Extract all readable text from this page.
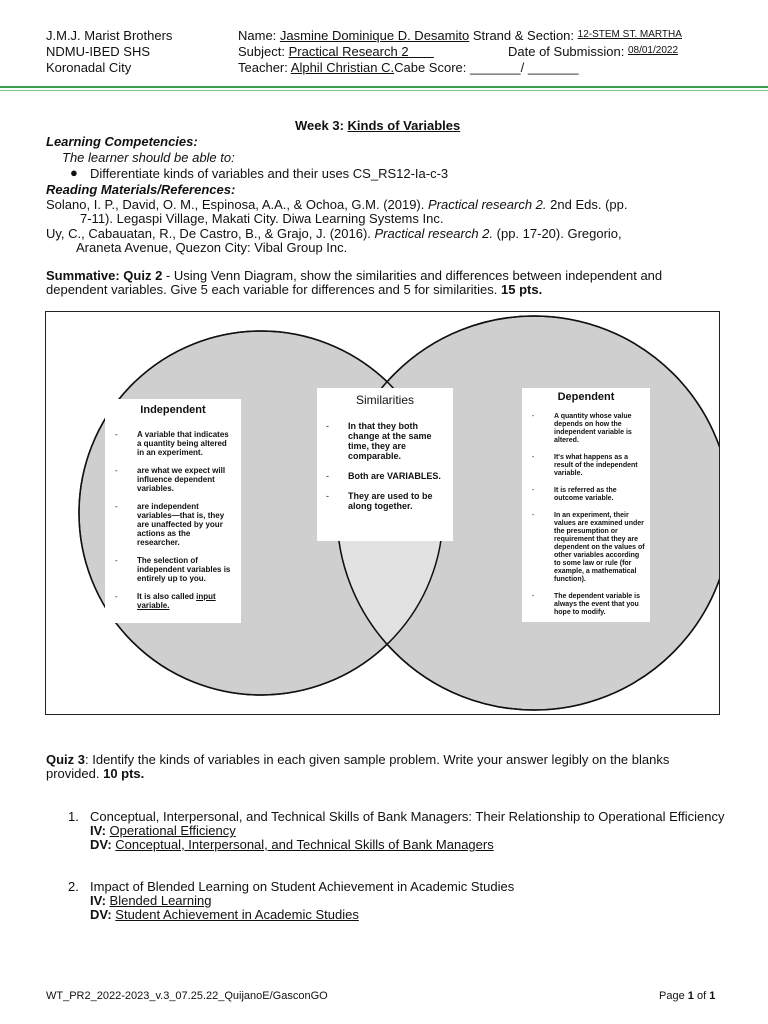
J.M.J. Marist Brothers
NDMU-IBED SHS
Koronadal City
Name: Jasmine Dominique D. Desamito Strand & Section: $^{12-STEM ST. MARTHA}$
Subject: Practical Research 2	Date of Submission: $^{08/01/2022}$
Teacher: Alphil Christian C.Cabe Score: _______/ _______
Week 3: Kinds of Variables
Learning Competencies:
The learner should be able to:
● Differentiate kinds of variables and their uses CS_RS12-Ia-c-3
Reading Materials/References:
Solano, I. P., David, O. M., Espinosa, A.A., & Ochoa, G.M. (2019). Practical research 2. 2nd Eds. (pp.
7-11). Legaspi Village, Makati City. Diwa Learning Systems Inc.
Uy, C., Cabauatan, R., De Castro, B., & Grajo, J. (2016). Practical research 2. (pp. 17-20). Gregorio,
Araneta Avenue, Quezon City: Vibal Group Inc.
Summative: Quiz 2 - Using Venn Diagram, show the similarities and differences between independent and dependent variables. Give 5 each variable for differences and 5 for similarities. 15 pts.
Independent
- A variable that indicates a quantity being altered in an experiment.
- are what we expect will influence dependent variables.
- are independent variables—that is, they are unaffected by your actions as the researcher.
- The selection of independent variables is entirely up to you.
- It is also called input variable.
Similarities
- In that they both change at the same time, they are comparable.
- Both are VARIABLES.
- They are used to be along together.
Dependent
- A quantity whose value depends on how the independent variable is altered.
- It's what happens as a result of the independent variable.
- It is referred as the outcome variable.
- In an experiment, their values are examined under the presumption or requirement that they are dependent on the values of other variables according to some law or rule (for example, a mathematical function).
- The dependent variable is always the event that you hope to modify.
Quiz 3: Identify the kinds of variables in each given sample problem. Write your answer legibly on the blanks provided. 10 pts.
1. Conceptual, Interpersonal, and Technical Skills of Bank Managers: Their Relationship to Operational Efficiency
IV: Operational Efficiency
DV: Conceptual, Interpersonal, and Technical Skills of Bank Managers
2. Impact of Blended Learning on Student Achievement in Academic Studies
IV: Blended Learning
DV: Student Achievement in Academic Studies
WT_PR2_2022-2023_v.3_07.25.22_QuijanoE/GasconGO	Page 1 of 1
